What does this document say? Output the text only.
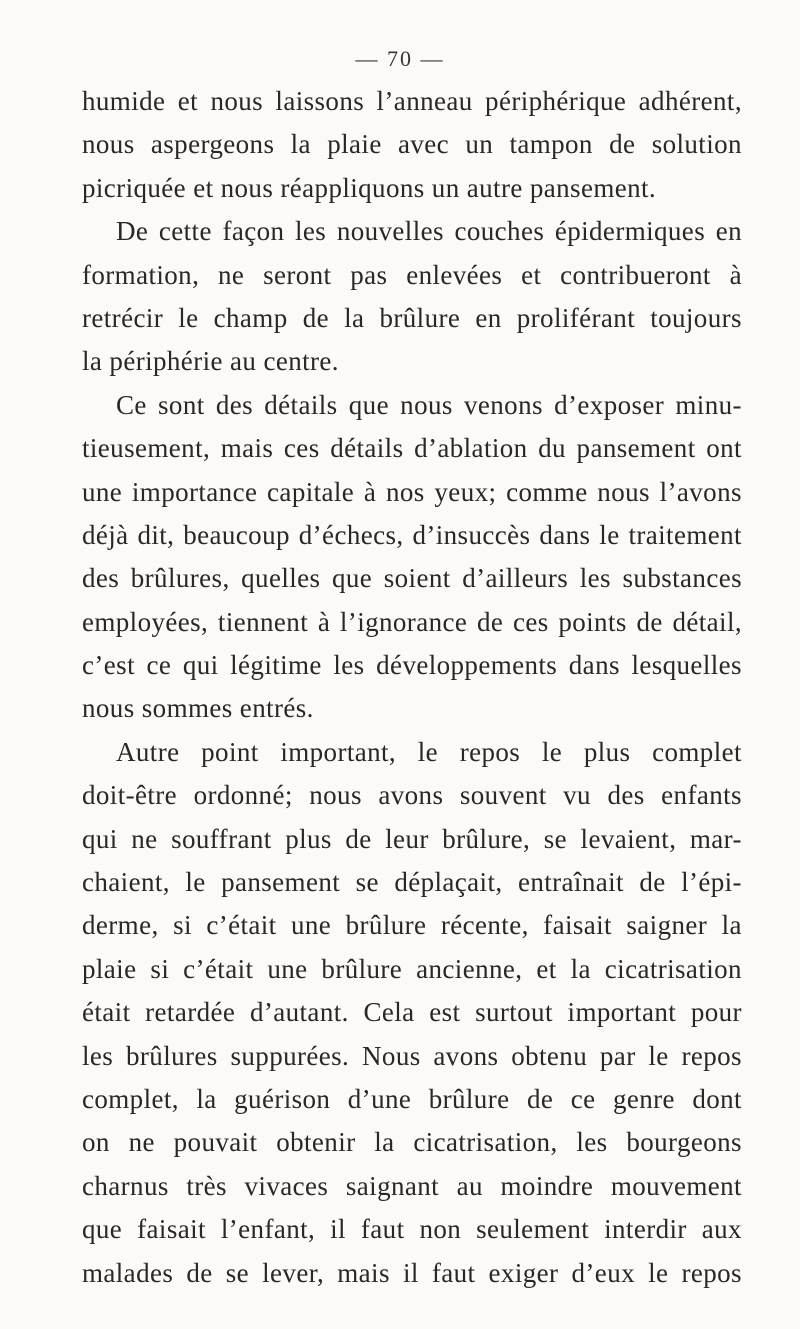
— 70 —
humide et nous laissons l’anneau périphérique adhérent,
nous aspergeons la plaie avec un tampon de solution
picriquée et nous réappliquons un autre pansement.
De cette façon les nouvelles couches épidermiques en
formation, ne seront pas enlevées et contribueront à
retrécir le champ de la brûlure en proliférant toujours
la périphérie au centre.
Ce sont des détails que nous venons d’exposer minu-
tieusement, mais ces détails d’ablation du pansement ont
une importance capitale à nos yeux; comme nous l’avons
déjà dit, beaucoup d’échecs, d’insuccès dans le traitement
des brûlures, quelles que soient d’ailleurs les substances
employées, tiennent à l’ignorance de ces points de détail,
c’est ce qui légitime les développements dans lesquelles
nous sommes entrés.
Autre point important, le repos le plus complet
doit-être ordonné; nous avons souvent vu des enfants
qui ne souffrant plus de leur brûlure, se levaient, mar-
chaient, le pansement se déplaçait, entraînait de l’épi-
derme, si c’était une brûlure récente, faisait saigner la
plaie si c’était une brûlure ancienne, et la cicatrisation
était retardée d’autant. Cela est surtout important pour
les brûlures suppurées. Nous avons obtenu par le repos
complet, la guérison d’une brûlure de ce genre dont
on ne pouvait obtenir la cicatrisation, les bourgeons
charnus très vivaces saignant au moindre mouvement
que faisait l’enfant, il faut non seulement interdir aux
malades de se lever, mais il faut exiger d’eux le repos
